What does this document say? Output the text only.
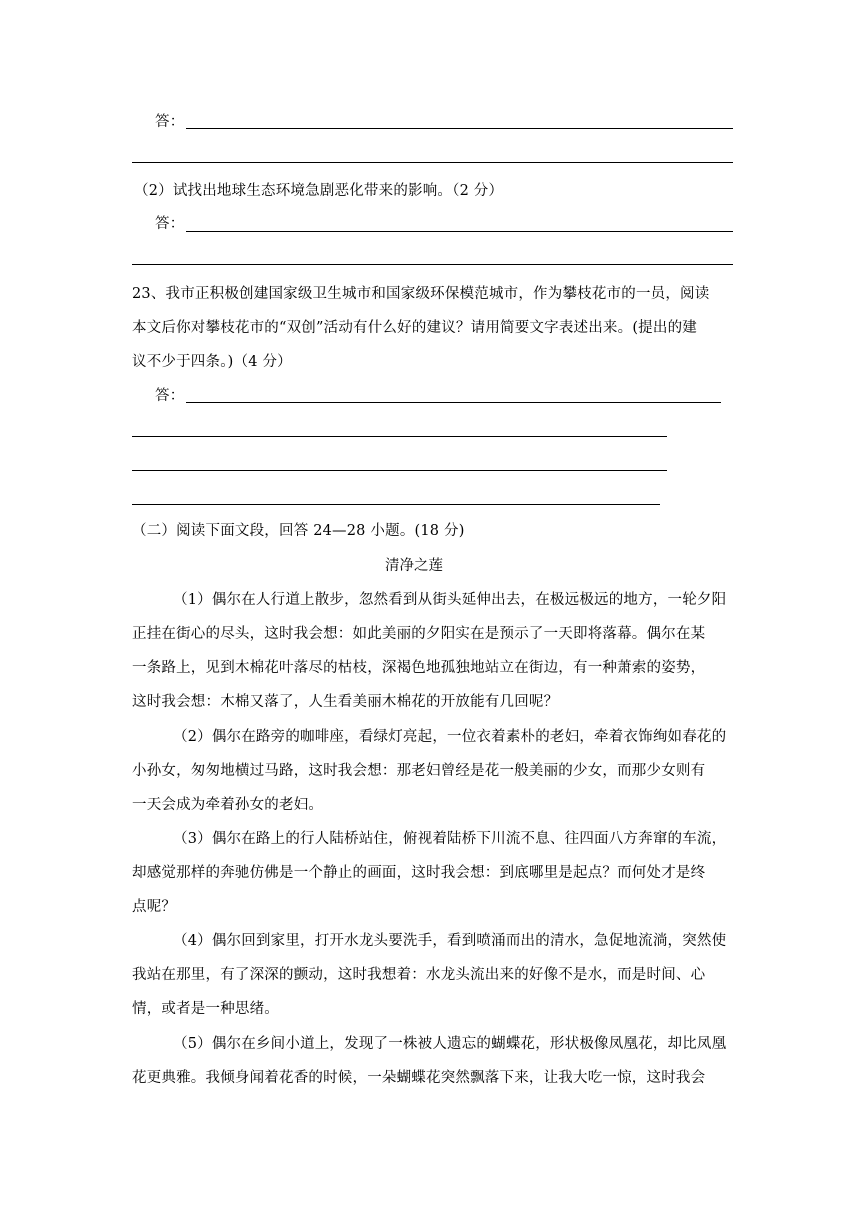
答：
（2）试找出地球生态环境急剧恶化带来的影响。（2 分）
答：
23、我市正积极创建国家级卫生城市和国家级环保模范城市，作为攀枝花市的一员，阅读
本文后你对攀枝花市的“双创”活动有什么好的建议？请用简要文字表述出来。(提出的建
议不少于四条。)（4 分）
答：
（二）阅读下面文段，回答 24—28 小题。(18 分)
清净之莲
（1）偶尔在人行道上散步，忽然看到从街头延伸出去，在极远极远的地方，一轮夕阳
正挂在街心的尽头，这时我会想：如此美丽的夕阳实在是预示了一天即将落幕。偶尔在某
一条路上，见到木棉花叶落尽的枯枝，深褐色地孤独地站立在街边，有一种萧索的姿势，
这时我会想：木棉又落了，人生看美丽木棉花的开放能有几回呢？
（2）偶尔在路旁的咖啡座，看绿灯亮起，一位衣着素朴的老妇，牵着衣饰绚如春花的
小孙女，匆匆地横过马路，这时我会想：那老妇曾经是花一般美丽的少女，而那少女则有
一天会成为牵着孙女的老妇。
（3）偶尔在路上的行人陆桥站住，俯视着陆桥下川流不息、往四面八方奔窜的车流，
却感觉那样的奔驰仿佛是一个静止的画面，这时我会想：到底哪里是起点？而何处才是终
点呢？
（4）偶尔回到家里，打开水龙头要洗手，看到喷涌而出的清水，急促地流淌，突然使
我站在那里，有了深深的颤动，这时我想着：水龙头流出来的好像不是水，而是时间、心
情，或者是一种思绪。
（5）偶尔在乡间小道上，发现了一株被人遗忘的蝴蝶花，形状极像凤凰花，却比凤凰
花更典雅。我倾身闻着花香的时候，一朵蝴蝶花突然飘落下来，让我大吃一惊，这时我会
